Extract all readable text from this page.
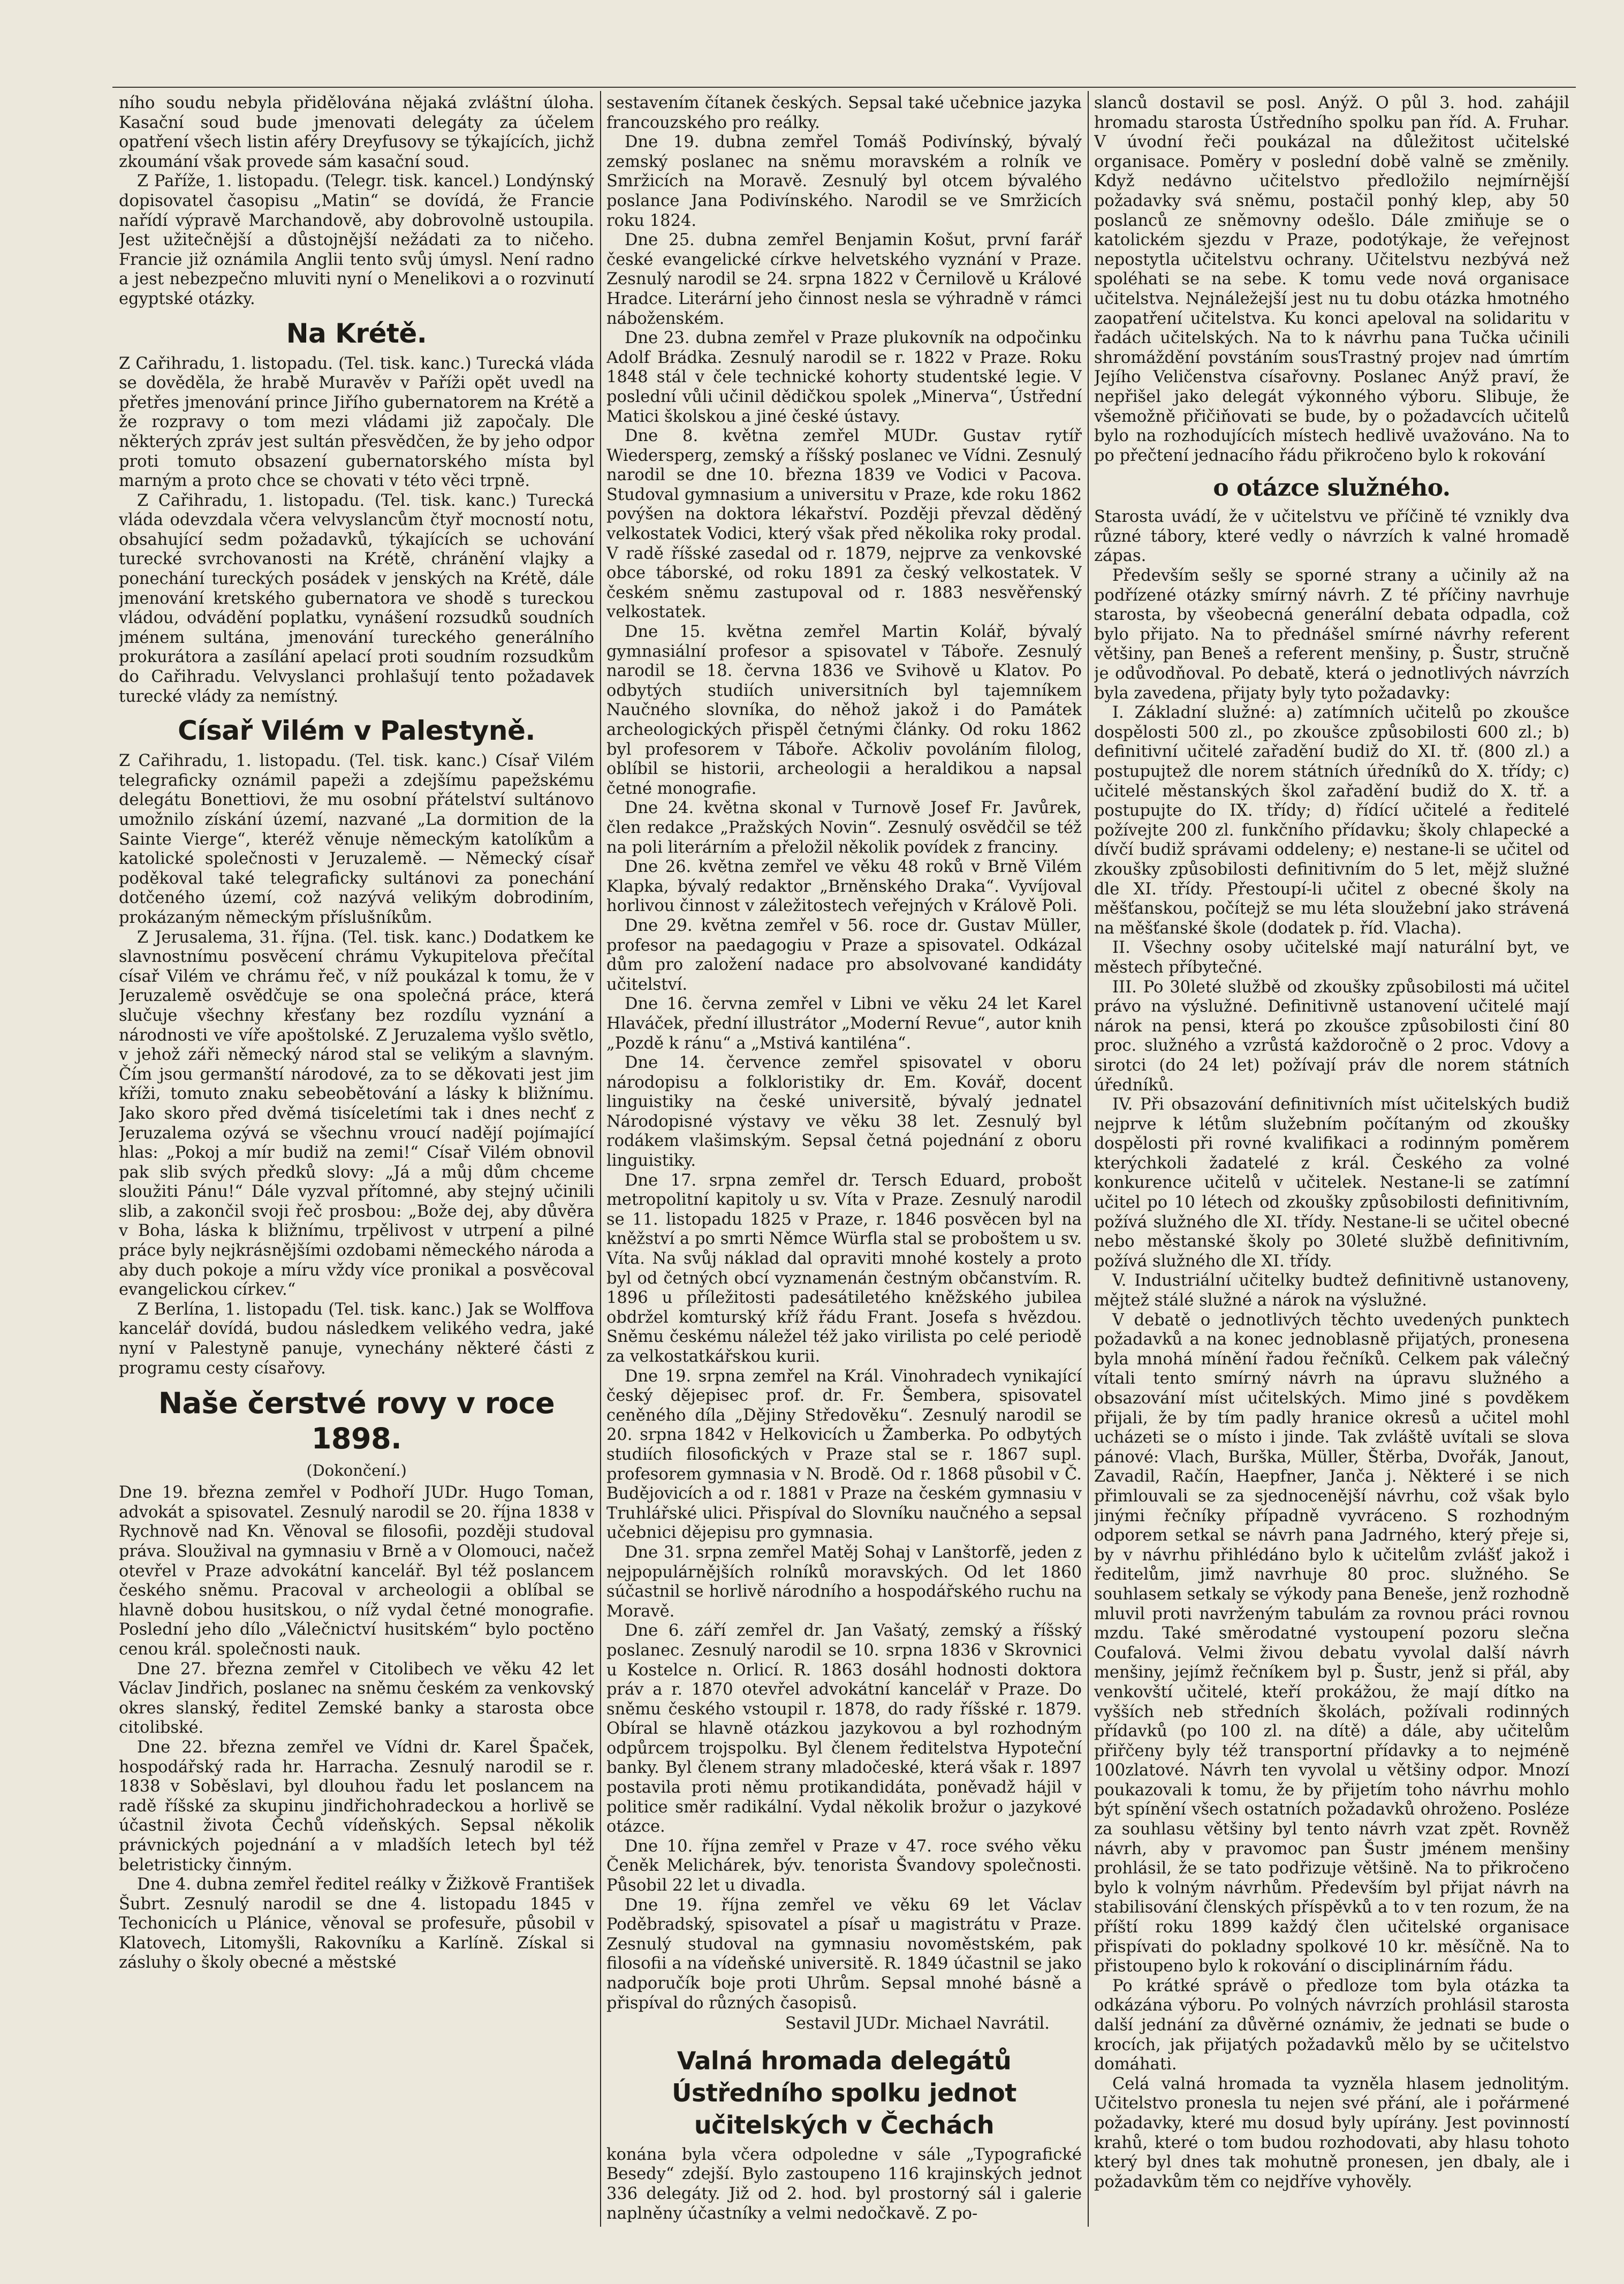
ního soudu nebyla přidělována nějaká zvláštní úloha. Kasační soud bude jmenovati delegáty za účelem opatření všech listin aféry Dreyfusovy se týkajících, jichž zkoumání však provede sám kasační soud.

Z Paříže, 1. listopadu. (Telegr. tisk. kancel.) Londýnský dopisovatel časopisu „Matin“ se dovídá, že Francie nařídí výpravě Marchandově, aby dobrovolně ustoupila. Jest užitečnější a důstojnější nežádati za to ničeho. Francie již oznámila Anglii tento svůj úmysl. Není radno a jest nebezpečno mluviti nyní o Menelikovi a o rozvinutí egyptské otázky.

Na Krétě.

Z Cařihradu, 1. listopadu. (Tel. tisk. kanc.) Turecká vláda se dověděla, že hrabě Muravěv v Paříži opět uvedl na přetřes jmenování prince Jiřího gubernatorem na Krétě a že rozpravy o tom mezi vládami již započaly. Dle některých zpráv jest sultán přesvědčen, že by jeho odpor proti tomuto obsazení gubernatorského místa byl marným a proto chce se chovati v této věci trpně.

Z Cařihradu, 1. listopadu. (Tel. tisk. kanc.) Turecká vláda odevzdala včera velvyslancům čtyř mocností notu, obsahující sedm požadavků, týkajících se uchování turecké svrchovanosti na Krétě, chránění vlajky a ponechání tureckých posádek v jenských na Krétě, dále jmenování kretského gubernatora ve shodě s tureckou vládou, odvádění poplatku, vynášení rozsudků soudních jménem sultána, jmenování tureckého generálního prokurátora a zasílání apelací proti soudním rozsudkům do Cařihradu. Velvyslanci prohlašují tento požadavek turecké vlády za nemístný.

Císař Vilém v Palestyně.

Z Cařihradu, 1. listopadu. (Tel. tisk. kanc.) Císař Vilém telegraficky oznámil papeži a zdejšímu papežskému delegátu Bonettiovi, že mu osobní přátelství sultánovo umožnilo získání území, nazvané „La dormition de la Sainte Vierge“, kteréž věnuje německým katolíkům a katolické společnosti v Jeruzalemě. — Německý císař poděkoval také telegraficky sultánovi za ponechání dotčeného území, což nazývá velikým dobrodiním, prokázaným německým příslušníkům.

Z Jerusalema, 31. října. (Tel. tisk. kanc.) Dodatkem ke slavnostnímu posvěcení chrámu Vykupitelova přečítal císař Vilém ve chrámu řeč, v níž poukázal k tomu, že v Jeruzalemě osvědčuje se ona společná práce, která slučuje všechny křesťany bez rozdílu vyznání a národnosti ve víře apoštolské. Z Jeruzalema vyšlo světlo, v jehož záři německý národ stal se velikým a slavným. Čím jsou germanští národové, za to se děkovati jest jim kříži, tomuto znaku sebeobětování a lásky k bližnímu. Jako skoro před dvěmá tisíceletími tak i dnes nechť z Jeruzalema ozývá se všechnu vroucí nadějí pojímající hlas: „Pokoj a mír budiž na zemi!“ Císař Vilém obnovil pak slib svých předků slovy: „Já a můj dům chceme sloužiti Pánu!“ Dále vyzval přítomné, aby stejný učinili slib, a zakončil svoji řeč prosbou: „Bože dej, aby důvěra v Boha, láska k bližnímu, trpělivost v utrpení a pilné práce byly nejkrásnějšími ozdobami německého národa a aby duch pokoje a míru vždy více pronikal a posvěcoval evangelickou církev.“

Z Berlína, 1. listopadu (Tel. tisk. kanc.) Jak se Wolffova kancelář dovídá, budou následkem velikého vedra, jaké nyní v Palestyně panuje, vynechány některé části z programu cesty císařovy.

Naše čerstvé rovy v roce 1898.
(Dokončení.)

Dne 19. března zemřel v Podhoří JUDr. Hugo Toman, advokát a spisovatel. Zesnulý narodil se 20. října 1838 v Rychnově nad Kn. Věnoval se filosofii, později studoval práva. Sloužival na gymnasiu v Brně a v Olomouci, načež otevřel v Praze advokátní kancelář. Byl též poslancem českého sněmu. Pracoval v archeologii a oblíbal se hlavně dobou husitskou, o níž vydal četné monografie. Poslední jeho dílo „Válečnictví husitském“ bylo poctěno cenou král. společnosti nauk.

Dne 27. března zemřel v Citolibech ve věku 42 let Václav Jindřich, poslanec na sněmu českém za venkovský okres slanský, ředitel Zemské banky a starosta obce citolibské.

Dne 22. března zemřel ve Vídni dr. Karel Špaček, hospodářský rada hr. Harracha. Zesnulý narodil se r. 1838 v Soběslavi, byl dlouhou řadu let poslancem na radě říšské za skupinu jindřichohradeckou a horlivě se účastnil života Čechů vídeňských. Sepsal několik právnických pojednání a v mladších letech byl též beletristicky činným.

Dne 4. dubna zemřel ředitel reálky v Žižkově František Šubrt. Zesnulý narodil se dne 4. listopadu 1845 v Techonicích u Plánice, věnoval se profesuře, působil v Klatovech, Litomyšli, Rakovníku a Karlíně. Získal si zásluhy o školy obecné a městské

sestavením čítanek českých. Sepsal také učebnice jazyka francouzského pro reálky.

Dne 19. dubna zemřel Tomáš Podivínský, bývalý zemský poslanec na sněmu moravském a rolník ve Smržicích na Moravě. Zesnulý byl otcem bývalého poslance Jana Podivínského. Narodil se ve Smržicích roku 1824.

Dne 25. dubna zemřel Benjamin Košut, první farář české evangelické církve helvetského vyznání v Praze. Zesnulý narodil se 24. srpna 1822 v Černilově u Králové Hradce. Literární jeho činnost nesla se výhradně v rámci náboženském.

Dne 23. dubna zemřel v Praze plukovník na odpočinku Adolf Brádka. Zesnulý narodil se r. 1822 v Praze. Roku 1848 stál v čele technické kohorty studentské legie. V poslední vůli učinil dědičkou spolek „Minerva“, Ústřední Matici školskou a jiné české ústavy.

Dne 8. května zemřel MUDr. Gustav rytíř Wiedersperg, zemský a říšský poslanec ve Vídni. Zesnulý narodil se dne 10. března 1839 ve Vodici v Pacova. Studoval gymnasium a universitu v Praze, kde roku 1862 povýšen na doktora lékařství. Později převzal děděný velkostatek Vodici, který však před několika roky prodal. V radě říšské zasedal od r. 1879, nejprve za venkovské obce táborské, od roku 1891 za český velkostatek. V českém sněmu zastupoval od r. 1883 nesvěřenský velkostatek.

Dne 15. května zemřel Martin Kolář, bývalý gymnasiální profesor a spisovatel v Táboře. Zesnulý narodil se 18. června 1836 ve Svihově u Klatov. Po odbytých studiích universitních byl tajemníkem Naučného slovníka, do něhož jakož i do Památek archeologických přispěl četnými články. Od roku 1862 byl profesorem v Táboře. Ačkoliv povoláním filolog, oblíbil se historii, archeologii a heraldikou a napsal četné monografie.

Dne 24. května skonal v Turnově Josef Fr. Javůrek, člen redakce „Pražských Novin“. Zesnulý osvědčil se též na poli literárním a přeložil několik povídek z franciny.

Dne 26. května zemřel ve věku 48 roků v Brně Vilém Klapka, bývalý redaktor „Brněnského Draka“. Vyvíjoval horlivou činnost v záležitostech veřejných v Králově Poli.

Dne 29. května zemřel v 56. roce dr. Gustav Müller, profesor na paedagogiu v Praze a spisovatel. Odkázal dům pro založení nadace pro absolvované kandidáty učitelství.

Dne 16. června zemřel v Libni ve věku 24 let Karel Hlaváček, přední illustrátor „Moderní Revue“, autor knih „Pozdě k ránu“ a „Mstivá kantiléna“.

Dne 14. července zemřel spisovatel v oboru národopisu a folkloristiky dr. Em. Kovář, docent linguistiky na české universitě, bývalý jednatel Národopisné výstavy ve věku 38 let. Zesnulý byl rodákem vlašimským. Sepsal četná pojednání z oboru linguistiky.

Dne 17. srpna zemřel dr. Tersch Eduard, probošt metropolitní kapitoly u sv. Víta v Praze. Zesnulý narodil se 11. listopadu 1825 v Praze, r. 1846 posvěcen byl na kněžství a po smrti Němce Würfla stal se proboštem u sv. Víta. Na svůj náklad dal opraviti mnohé kostely a proto byl od četných obcí vyznamenán čestným občanstvím. R. 1896 u příležitosti padesátiletého kněžského jubilea obdržel komturský kříž řádu Frant. Josefa s hvězdou. Sněmu českému náležel též jako virilista po celé periodě za velkostatkářskou kurii.

Dne 19. srpna zemřel na Král. Vinohradech vynikající český dějepisec prof. dr. Fr. Šembera, spisovatel ceněného díla „Dějiny Středověku“. Zesnulý narodil se 20. srpna 1842 v Helkovicích u Žamberka. Po odbytých studiích filosofických v Praze stal se r. 1867 supl. profesorem gymnasia v N. Brodě. Od r. 1868 působil v Č. Budějovicích a od r. 1881 v Praze na českém gymnasiu v Truhlářské ulici. Přispíval do Slovníku naučného a sepsal učebnici dějepisu pro gymnasia.

Dne 31. srpna zemřel Matěj Sohaj v Lanštorfě, jeden z nejpopulárnějších rolníků moravských. Od let 1860 súčastnil se horlivě národního a hospodářského ruchu na Moravě.

Dne 6. září zemřel dr. Jan Vašatý, zemský a říšský poslanec. Zesnulý narodil se 10. srpna 1836 v Skrovnici u Kostelce n. Orlicí. R. 1863 dosáhl hodnosti doktora práv a r. 1870 otevřel advokátní kancelář v Praze. Do sněmu českého vstoupil r. 1878, do rady říšské r. 1879. Obíral se hlavně otázkou jazykovou a byl rozhodným odpůrcem trojspolku. Byl členem ředitelstva Hypoteční banky. Byl členem strany mladočeské, která však r. 1897 postavila proti němu protikandidáta, poněvadž hájil v politice směr radikální. Vydal několik brožur o jazykové otázce.

Dne 10. října zemřel v Praze v 47. roce svého věku Čeněk Melichárek, býv. tenorista Švandovy společnosti. Působil 22 let u divadla.

Dne 19. října zemřel ve věku 69 let Václav Poděbradský, spisovatel a písař u magistrátu v Praze. Zesnulý studoval na gymnasiu novoměstském, pak filosofii a na vídeňské universitě. R. 1849 účastnil se jako nadporučík boje proti Uhrům. Sepsal mnohé básně a přispíval do různých časopisů.

Sestavil JUDr. Michael Navrátil.
Valná hromada delegátů Ústředního spolku jednot učitelských v Čechách

konána byla včera odpoledne v sále „Typografické Besedy“ zdejší. Bylo zastoupeno 116 krajinských jednot 336 delegáty. Již od 2. hod. byl prostorný sál i galerie naplněny účastníky a velmi nedočkavě. Z po-

slanců dostavil se posl. Anýž. O půl 3. hod. zahájil hromadu starosta Ústředního spolku pan říd. A. Fruhar. V úvodní řeči poukázal na důležitost učitelské organisace. Poměry v poslední době valně se změnily. Když nedávno učitelstvo předložilo nejmírnější požadavky svá sněmu, postačil ponhý klep, aby 50 poslanců ze sněmovny odešlo. Dále zmiňuje se o katolickém sjezdu v Praze, podotýkaje, že veřejnost nepostytla učitelstvu ochrany. Učitelstvu nezbývá než spoléhati se na sebe. K tomu vede nová organisace učitelstva. Nejnáležejší jest nu tu dobu otázka hmotného zaopatření učitelstva. Ku konci apeloval na solidaritu v řadách učitelských. Na to k návrhu pana Tučka učinili shromáždění povstáním sousTrastný projev nad úmrtím Jejího Veličenstva císařovny. Poslanec Anýž praví, že nepřišel jako delegát výkonného výboru. Slibuje, že všemožně přičiňovati se bude, by o požadavcích učitelů bylo na rozhodujících místech hedlivě uvažováno. Na to po přečtení jednacího řádu přikročeno bylo k rokování

o otázce služného.

Starosta uvádí, že v učitelstvu ve příčině té vznikly dva různé tábory, které vedly o návrzích k valné hromadě zápas.

Především sešly se sporné strany a učinily až na podřízené otázky smírný návrh. Z té příčiny navrhuje starosta, by všeobecná generální debata odpadla, což bylo přijato. Na to přednášel smírné návrhy referent většiny, pan Beneš a referent menšiny, p. Šustr, stručně je odůvodňoval. Po debatě, která o jednotlivých návrzích byla zavedena, přijaty byly tyto požadavky:

I. Základní služné: a) zatímních učitelů po zkoušce dospělosti 500 zl., po zkoušce způsobilosti 600 zl.; b) definitivní učitelé zařadění budiž do XI. tř. (800 zl.) a postupujtež dle norem státních úředníků do X. třídy; c) učitelé městanských škol zařadění budiž do X. tř. a postupujte do IX. třídy; d) řídící učitelé a ředitelé požívejte 200 zl. funkčního přídavku; školy chlapecké a dívčí budiž správami oddeleny; e) nestane-li se učitel od zkoušky způsobilosti definitivním do 5 let, mějž služné dle XI. třídy. Přestoupí-li učitel z obecné školy na měšťanskou, počítejž se mu léta sloužební jako strávená na měšťanské škole (dodatek p. říd. Vlacha).

II. Všechny osoby učitelské mají naturální byt, ve městech příbytečné.

III. Po 30leté službě od zkoušky způsobilosti má učitel právo na výslužné. Definitivně ustanovení učitelé mají nárok na pensi, která po zkoušce způsobilosti činí 80 proc. služného a vzrůstá každoročně o 2 proc. Vdovy a sirotci (do 24 let) požívají práv dle norem státních úředníků.

IV. Při obsazování definitivních míst učitelských budiž nejprve k létům služebním počítaným od zkoušky dospělosti při rovné kvalifikaci a rodinným poměrem kterýchkoli žadatelé z král. Českého za volné konkurence učitelů v učitelek. Nestane-li se zatímní učitel po 10 létech od zkoušky způsobilosti definitivním, požívá služného dle XI. třídy. Nestane-li se učitel obecné nebo městanské školy po 30leté službě definitivním, požívá služného dle XI. třídy.

V. Industriální učitelky budtež definitivně ustanoveny, mějtež stálé služné a nárok na výslužné.

V debatě o jednotlivých těchto uvedených punktech požadavků a na konec jednoblasně přijatých, pronesena byla mnohá mínění řadou řečníků. Celkem pak válečný vítali tento smírný návrh na úpravu služného a obsazování míst učitelských. Mimo jiné s povděkem přijali, že by tím padly hranice okresů a učitel mohl ucházeti se o místo i jinde. Tak zvláště uvítali se slova pánové: Vlach, Burška, Müller, Štěrba, Dvořák, Janout, Zavadil, Račín, Haepfner, Janča j. Některé i se nich přimlouvali se za sjednocenější návrhu, což však bylo jinými řečníky případně vyvráceno. S rozhodným odporem setkal se návrh pana Jadrného, který přeje si, by v návrhu přihlédáno bylo k učitelům zvlášť jakož i ředitelům, jimž navrhuje 80 proc. služného. Se souhlasem setkaly se výkody pana Beneše, jenž rozhodně mluvil proti navrženým tabulám za rovnou práci rovnou mzdu. Také směrodatné vystoupení pozoru slečna Coufalová. Velmi živou debatu vyvolal další návrh menšiny, jejímž řečníkem byl p. Šustr, jenž si přál, aby venkovští učitelé, kteří prokážou, že mají dítko na vyšších neb středních školách, požívali rodinných přídavků (po 100 zl. na dítě) a dále, aby učitelům přiřčeny byly též transportní přídavky a to nejméně 100zlatové. Návrh ten vyvolal u většiny odpor. Mnozí poukazovali k tomu, že by přijetím toho návrhu mohlo být spínění všech ostatních požadavků ohroženo. Posléze za souhlasu většiny byl tento návrh vzat zpět. Rovněž návrh, aby v pravomoc pan Šustr jménem menšiny prohlásil, že se tato podřizuje většině. Na to přikročeno bylo k volným návrhům. Především byl přijat návrh na stabilisování členských příspěvků a to v ten rozum, že na příští roku 1899 každý člen učitelské organisace přispívati do pokladny spolkové 10 kr. měsíčně. Na to přistoupeno bylo k rokování o disciplinárním řádu.

Po krátké správě o předloze tom byla otázka ta odkázána výboru. Po volných návrzích prohlásil starosta další jednání za důvěrné oznámiv, že jednati se bude o krocích, jak přijatých požadavků mělo by se učitelstvo domáhati.

Celá valná hromada ta vyzněla hlasem jednolitým. Učitelstvo pronesla tu nejen své přání, ale i pořármené požadavky, které mu dosud byly upírány. Jest povinností krahů, které o tom budou rozhodovati, aby hlasu tohoto který byl dnes tak mohutně pronesen, jen dbaly, ale i požadavkům těm co nejdříve vyhověly.
